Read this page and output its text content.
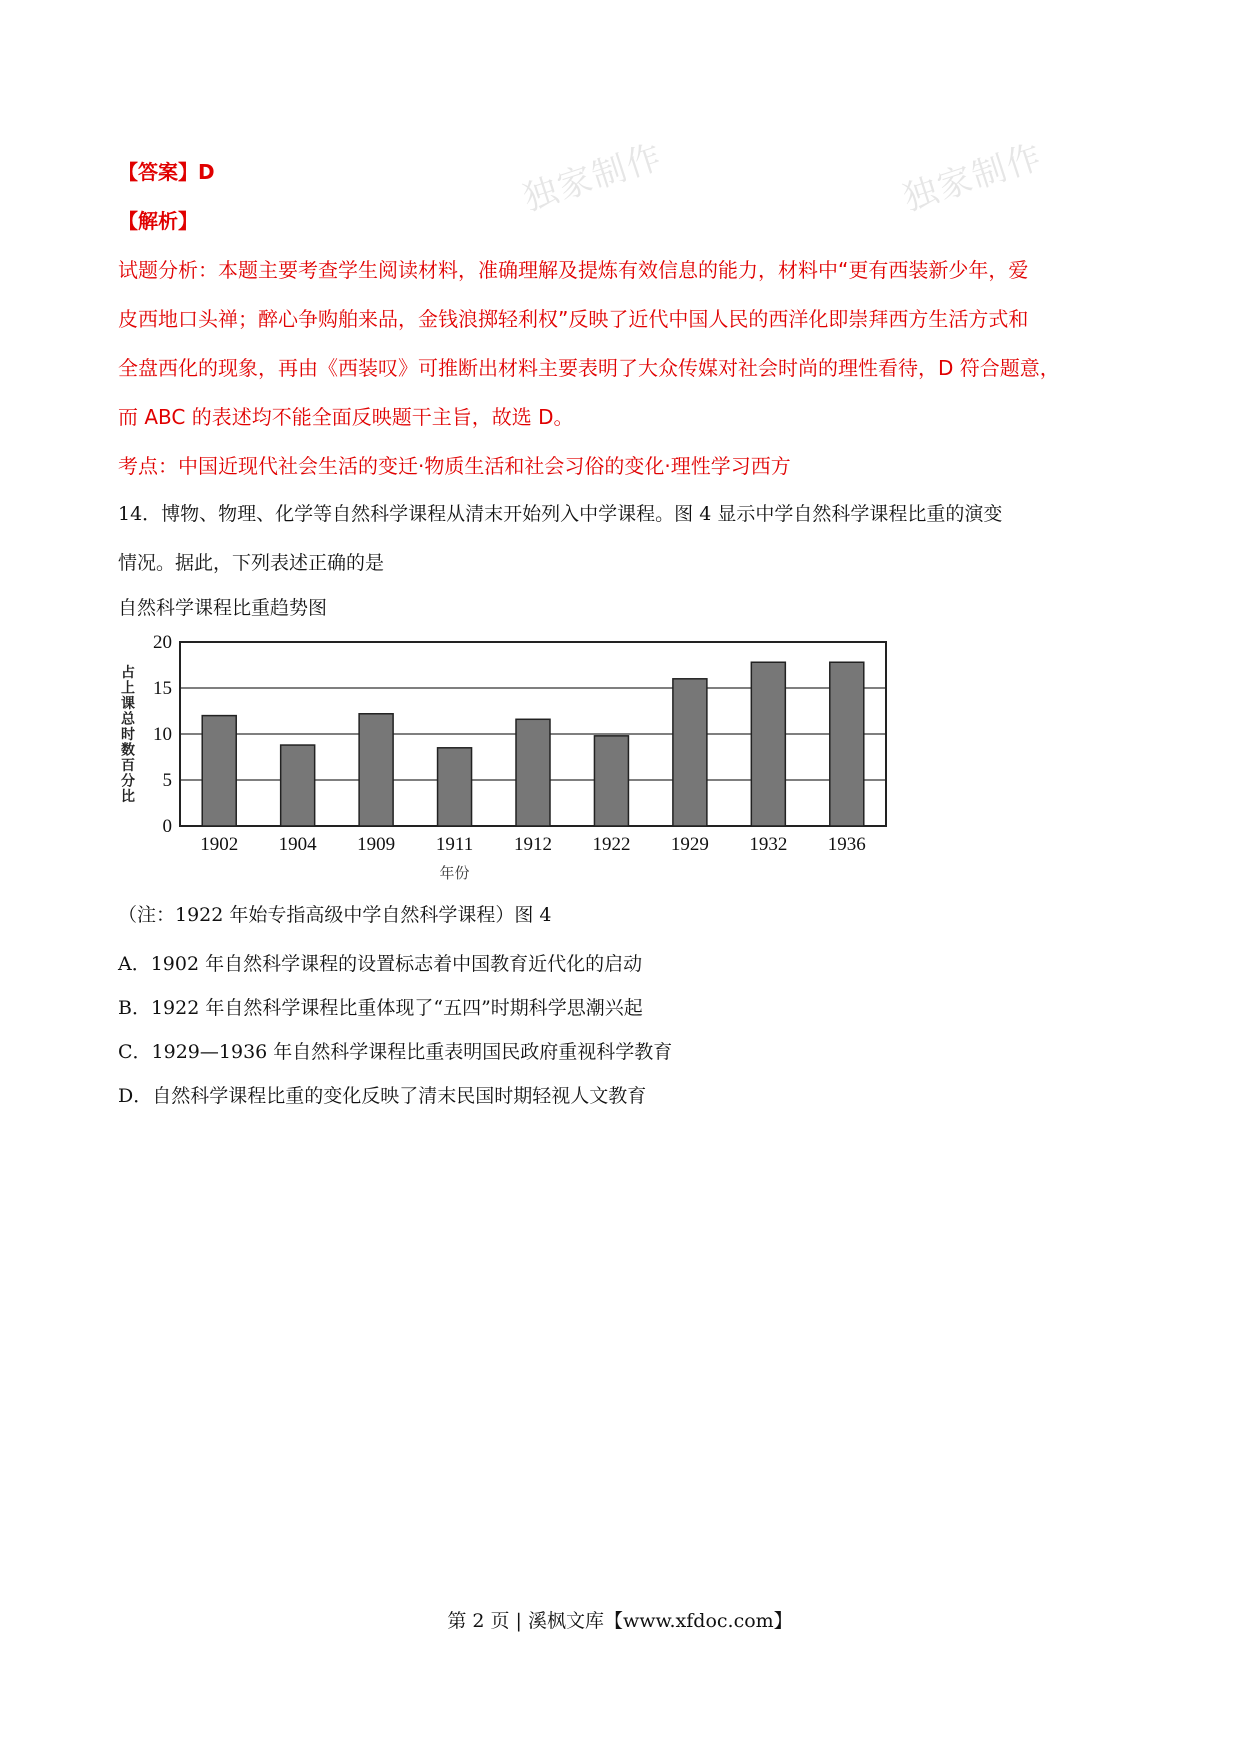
独家制作	独家制作
【答案】D
【解析】
试题分析：本题主要考查学生阅读材料，准确理解及提炼有效信息的能力，材料中“更有西装新少年，爱
皮西地口头禅；醉心争购舶来品，金钱浪掷轻利权”反映了近代中国人民的西洋化即崇拜西方生活方式和
全盘西化的现象，再由《西装叹》可推断出材料主要表明了大众传媒对社会时尚的理性看待，D 符合题意，
而 ABC 的表述均不能全面反映题干主旨，故选 D。
考点：中国近现代社会生活的变迁·物质生活和社会习俗的变化·理性学习西方
14．博物、物理、化学等自然科学课程从清末开始列入中学课程。图 4 显示中学自然科学课程比重的演变
情况。据此，下列表述正确的是
自然科学课程比重趋势图
占上课总时数百分比
0
5
10
15
20
1902 1904 1909 1911 1912 1922 1929 1932 1936
年份
（注：1922 年始专指高级中学自然科学课程）图 4
A．1902 年自然科学课程的设置标志着中国教育近代化的启动
B．1922 年自然科学课程比重体现了“五四”时期科学思潮兴起
C．1929—1936 年自然科学课程比重表明国民政府重视科学教育
D．自然科学课程比重的变化反映了清末民国时期轻视人文教育
第 2 页 | 溪枫文库【www.xfdoc.com】
